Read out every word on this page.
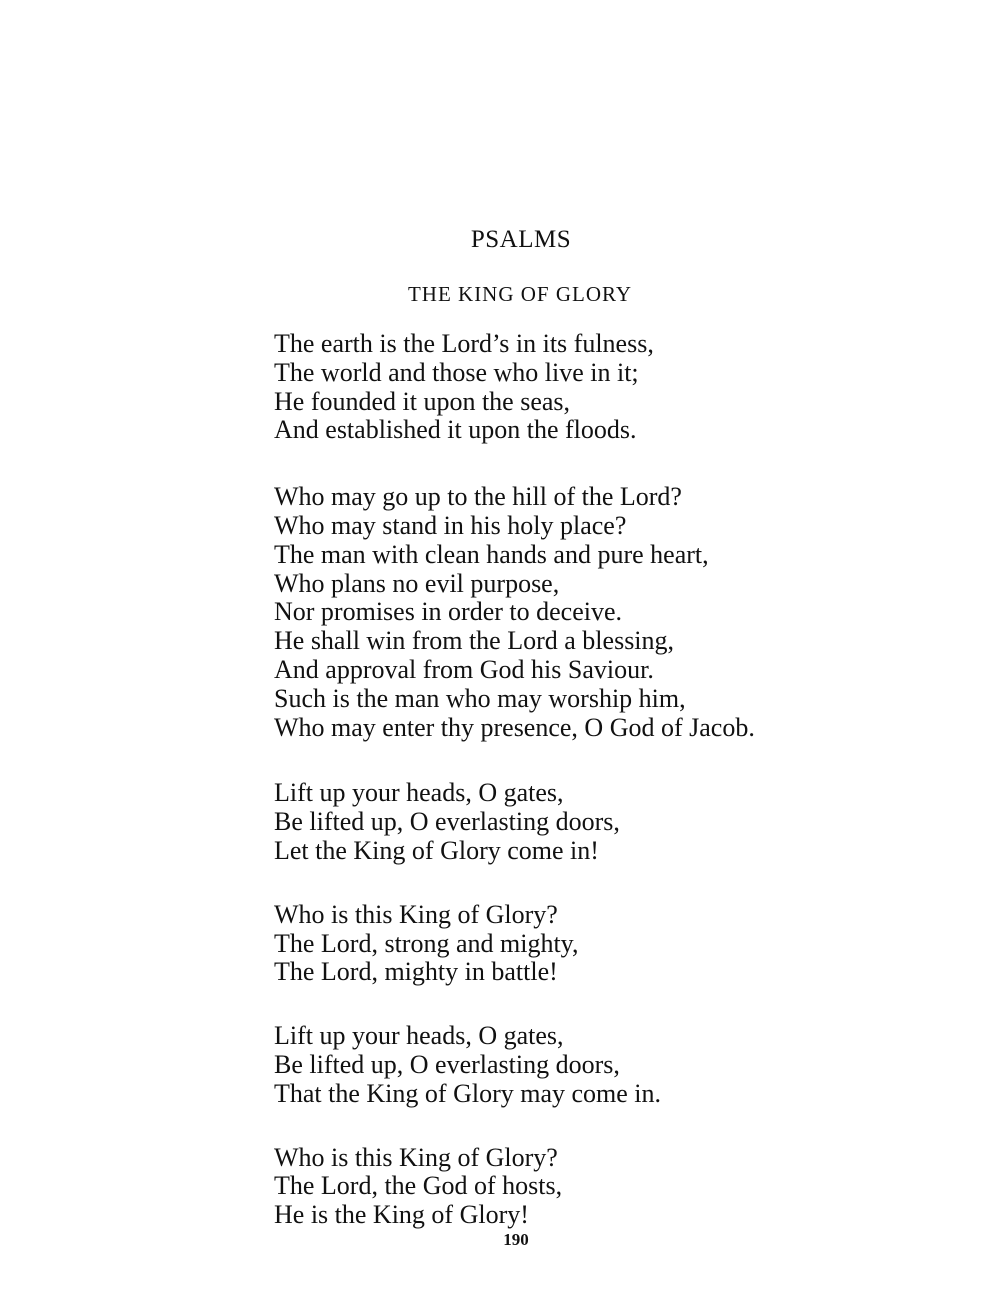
PSALMS
THE KING OF GLORY
The earth is the Lord’s in its fulness,
The world and those who live in it;
He founded it upon the seas,
And established it upon the floods.
Who may go up to the hill of the Lord?
Who may stand in his holy place?
The man with clean hands and pure heart,
Who plans no evil purpose,
Nor promises in order to deceive.
He shall win from the Lord a blessing,
And approval from God his Saviour.
Such is the man who may worship him,
Who may enter thy presence, O God of Jacob.
Lift up your heads, O gates,
Be lifted up, O everlasting doors,
Let the King of Glory come in!
Who is this King of Glory?
The Lord, strong and mighty,
The Lord, mighty in battle!
Lift up your heads, O gates,
Be lifted up, O everlasting doors,
That the King of Glory may come in.
Who is this King of Glory?
The Lord, the God of hosts,
He is the King of Glory!
190
